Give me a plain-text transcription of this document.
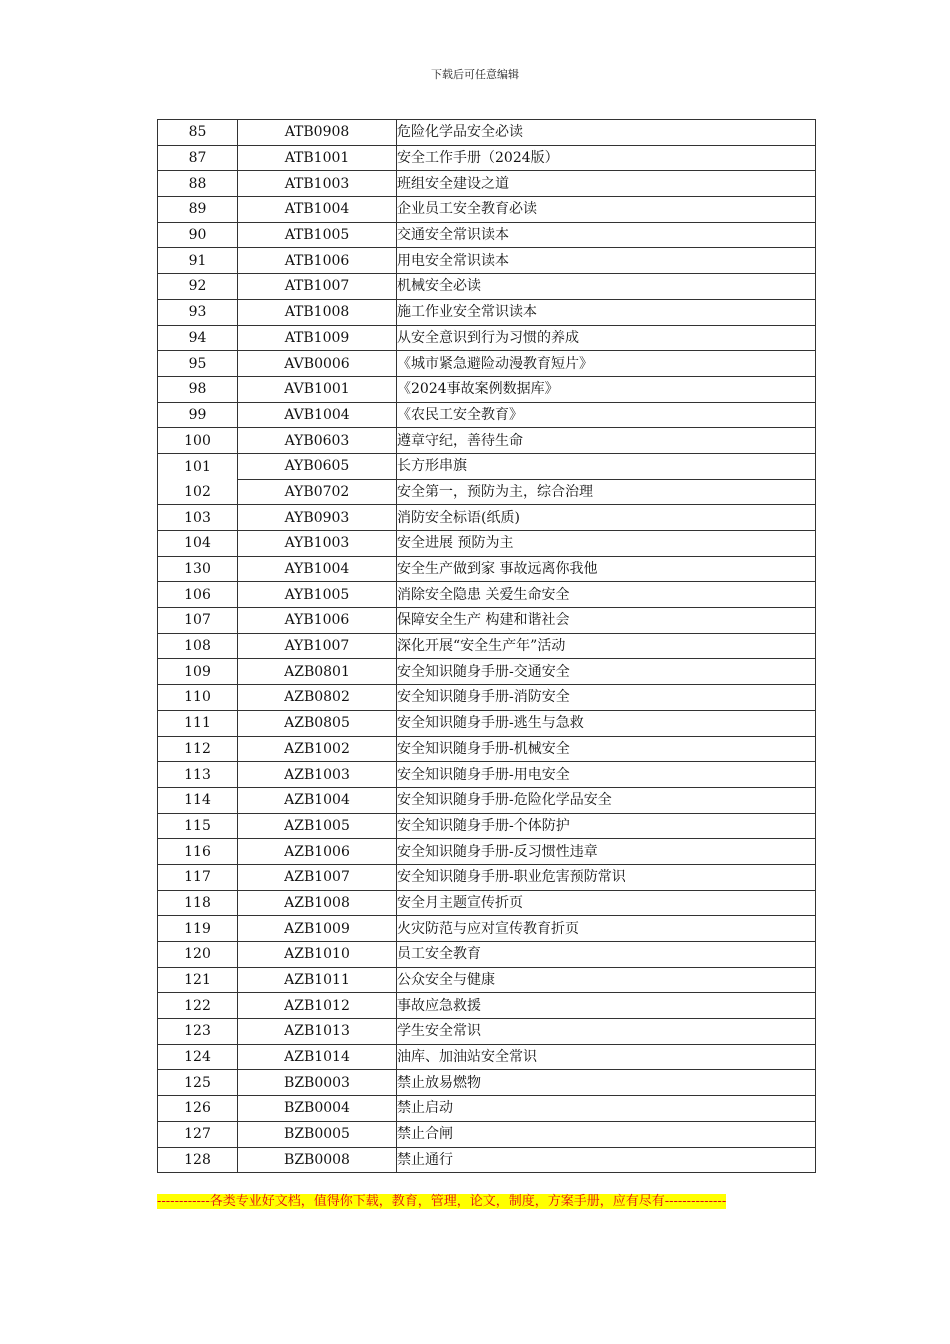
下载后可任意编辑
85	ATB0908	危险化学品安全必读
87	ATB1001	安全工作手册（2024版）
88	ATB1003	班组安全建设之道
89	ATB1004	企业员工安全教育必读
90	ATB1005	交通安全常识读本
91	ATB1006	用电安全常识读本
92	ATB1007	机械安全必读
93	ATB1008	施工作业安全常识读本
94	ATB1009	从安全意识到行为习惯的养成
95	AVB0006	《城市紧急避险动漫教育短片》
98	AVB1001	《2024事故案例数据库》
99	AVB1004	《农民工安全教育》
100	AYB0603	遵章守纪，善待生命
101	AYB0605	长方形串旗
102	AYB0702	安全第一，预防为主，综合治理
103	AYB0903	消防安全标语(纸质)
104	AYB1003	安全进展 预防为主
130	AYB1004	安全生产做到家 事故远离你我他
106	AYB1005	消除安全隐患 关爱生命安全
107	AYB1006	保障安全生产 构建和谐社会
108	AYB1007	深化开展“安全生产年”活动
109	AZB0801	安全知识随身手册-交通安全
110	AZB0802	安全知识随身手册-消防安全
111	AZB0805	安全知识随身手册-逃生与急救
112	AZB1002	安全知识随身手册-机械安全
113	AZB1003	安全知识随身手册-用电安全
114	AZB1004	安全知识随身手册-危险化学品安全
115	AZB1005	安全知识随身手册-个体防护
116	AZB1006	安全知识随身手册-反习惯性违章
117	AZB1007	安全知识随身手册-职业危害预防常识
118	AZB1008	安全月主题宣传折页
119	AZB1009	火灾防范与应对宣传教育折页
120	AZB1010	员工安全教育
121	AZB1011	公众安全与健康
122	AZB1012	事故应急救援
123	AZB1013	学生安全常识
124	AZB1014	油库、加油站安全常识
125	BZB0003	禁止放易燃物
126	BZB0004	禁止启动
127	BZB0005	禁止合闸
128	BZB0008	禁止通行
------------各类专业好文档，值得你下载，教育，管理，论文，制度，方案手册，应有尽有--------------
